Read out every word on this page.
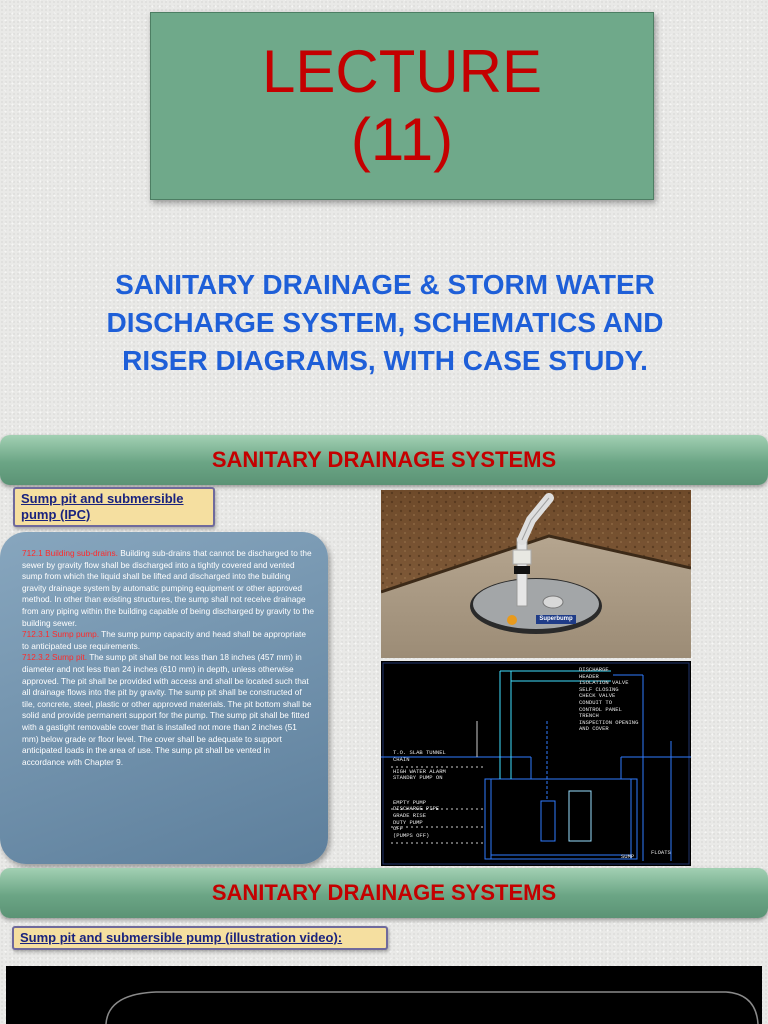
LECTURE
(11)
SANITARY DRAINAGE & STORM WATER
DISCHARGE SYSTEM, SCHEMATICS AND
RISER DIAGRAMS, WITH CASE STUDY.
SANITARY DRAINAGE SYSTEMS
Sump pit and submersible pump (IPC)
712.1 Building sub-drains. Building sub-drains that cannot be discharged to the sewer by gravity flow shall be discharged into a tightly covered and vented sump from which the liquid shall be lifted and discharged into the building gravity drainage system by automatic pumping equipment or other approved method. In other than existing structures, the sump shall not receive drainage from any piping within the building capable of being discharged by gravity to the building sewer.
712.3.1 Sump pump. The sump pump capacity and head shall be appropriate to anticipated use requirements.
712.3.2 Sump pit. The sump pit shall be not less than 18 inches (457 mm) in diameter and not less than 24 inches (610 mm) in depth, unless otherwise approved. The pit shall be provided with access and shall be located such that all drainage flows into the pit by gravity. The sump pit shall be constructed of tile, concrete, steel, plastic or other approved materials. The pit bottom shall be solid and provide permanent support for the pump. The sump pit shall be fitted with a gastight removable cover that is installed not more than 2 inches (51 mm) below grade or floor level. The cover shall be adequate to support anticipated loads in the area of use. The sump pit shall be vented in accordance with Chapter 9.
Superbump
DISCHARGE
HEADER
ISOLATION VALVE
SELF CLOSING
CHECK VALVE
CONDUIT TO
CONTROL PANEL
TRENCH
INSPECTION OPENING
AND COVER
T.O. SLAB TUNNEL
CHAIN
HIGH WATER ALARM
STANDBY PUMP ON
EMPTY PUMP
DISCHARGE PIPE
GRADE RISE
DUTY PUMP
OFF
(PUMPS OFF)
SUMP
FLOATS
SANITARY DRAINAGE SYSTEMS
Sump pit and submersible pump (illustration video):
